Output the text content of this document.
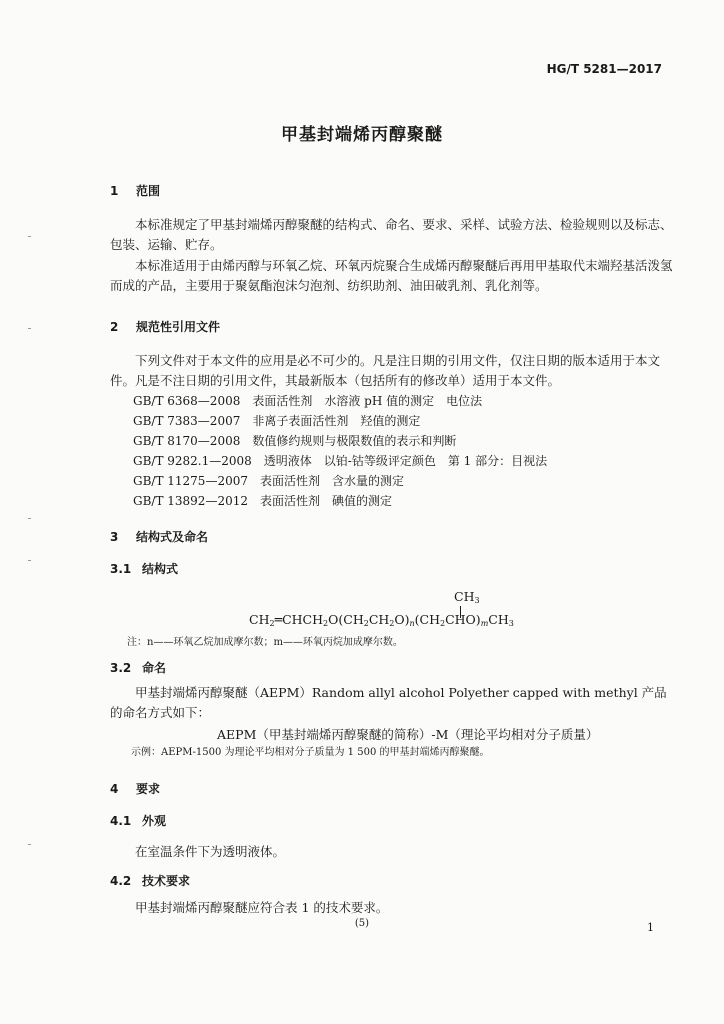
HG/T 5281—2017
甲基封端烯丙醇聚醚
1 范围
本标准规定了甲基封端烯丙醇聚醚的结构式、命名、要求、采样、试验方法、检验规则以及标志、包装、运输、贮存。
本标准适用于由烯丙醇与环氧乙烷、环氧丙烷聚合生成烯丙醇聚醚后再用甲基取代末端羟基活泼氢而成的产品，主要用于聚氨酯泡沫匀泡剂、纺织助剂、油田破乳剂、乳化剂等。
2 规范性引用文件
下列文件对于本文件的应用是必不可少的。凡是注日期的引用文件，仅注日期的版本适用于本文件。凡是不注日期的引用文件，其最新版本（包括所有的修改单）适用于本文件。
GB/T 6368—2008　表面活性剂　水溶液 pH 值的测定　电位法
GB/T 7383—2007　非离子表面活性剂　羟值的测定
GB/T 8170—2008　数值修约规则与极限数值的表示和判断
GB/T 9282.1—2008　透明液体　以铂-钴等级评定颜色　第 1 部分：目视法
GB/T 11275—2007　表面活性剂　含水量的测定
GB/T 13892—2012　表面活性剂　碘值的测定
3 结构式及命名
3.1 结构式
$CH_3$
$CH_2═CHCH_2O(CH_2CH_2O)_n(CH_2CHO)_mCH_3$
注：n——环氧乙烷加成摩尔数；m——环氧丙烷加成摩尔数。
3.2 命名
甲基封端烯丙醇聚醚（AEPM）Random allyl alcohol Polyether capped with methyl 产品的命名方式如下：
AEPM（甲基封端烯丙醇聚醚的简称）-M（理论平均相对分子质量）
示例：AEPM-1500 为理论平均相对分子质量为 1 500 的甲基封端烯丙醇聚醚。
4 要求
4.1 外观
在室温条件下为透明液体。
4.2 技术要求
甲基封端烯丙醇聚醚应符合表 1 的技术要求。
(5)	1
